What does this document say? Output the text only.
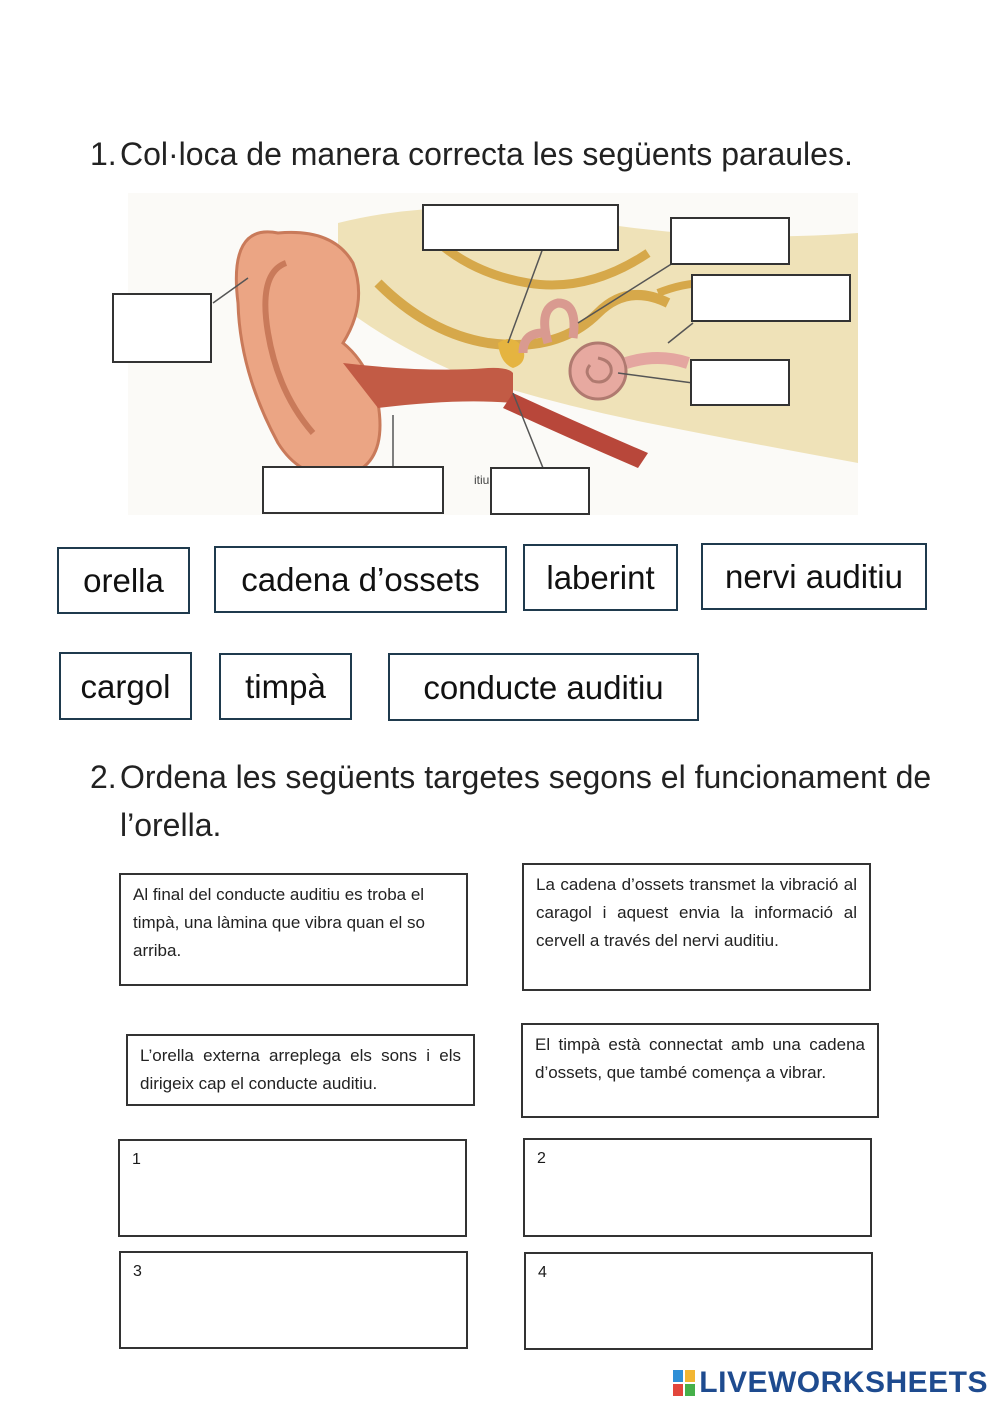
1. Col·loca de manera correcta les següents paraules.
itiu
orella	cadena d’ossets	laberint	nervi auditiu
cargol	timpà	conducte auditiu
2. Ordena les següents targetes segons el funcionament de
l’orella.
Al final del conducte auditiu es troba el timpà, una làmina que vibra quan el so arriba.
La cadena d’ossets transmet la vibració al caragol i aquest envia la informació al cervell a través del nervi auditiu.
L’orella externa arreplega els sons i els dirigeix cap el conducte auditiu.
El timpà està connectat amb una cadena d’ossets, que també comença a vibrar.
1	2
3	4
LIVEWORKSHEETS
